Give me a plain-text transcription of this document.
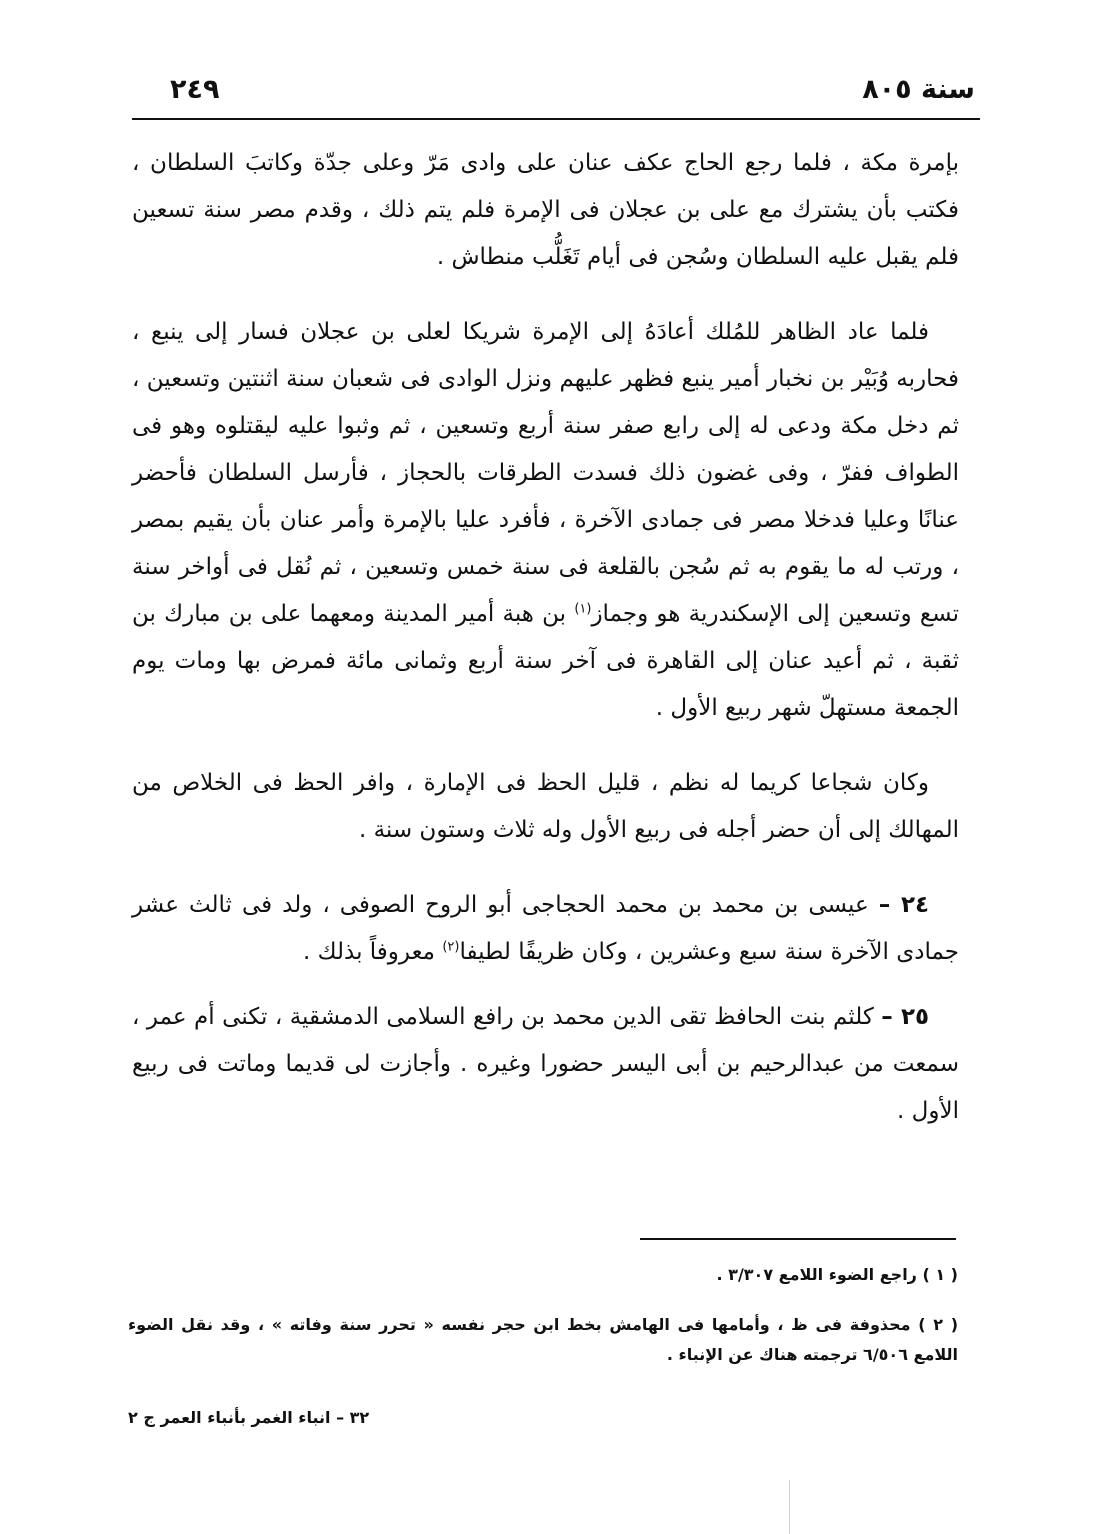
سنة ٨٠٥
٢٤٩

بإمرة مكة ، فلما رجع الحاج عكف عنان على وادى مَرّ وعلى جدّة وكاتبَ السلطان ، فكتب بأن يشترك مع على بن عجلان فى الإمرة فلم يتم ذلك ، وقدم مصر سنة تسعين فلم يقبل عليه السلطان وسُجن فى أيام تَغَلُّب منطاش .

فلما عاد الظاهر للمُلك أعادَهُ إلى الإمرة شريكا لعلى بن عجلان فسار إلى ينبع ، فحاربه وُبَيْر بن نخبار أمير ينبع فظهر عليهم ونزل الوادى فى شعبان سنة اثنتين وتسعين ، ثم دخل مكة ودعى له إلى رابع صفر سنة أربع وتسعين ، ثم وثبوا عليه ليقتلوه وهو فى الطواف ففرّ ، وفى غضون ذلك فسدت الطرقات بالحجاز ، فأرسل السلطان فأحضر عنانًا وعليا فدخلا مصر فى جمادى الآخرة ، فأفرد عليا بالإمرة وأمر عنان بأن يقيم بمصر ، ورتب له ما يقوم به ثم سُجن بالقلعة فى سنة خمس وتسعين ، ثم نُقل فى أواخر سنة تسع وتسعين إلى الإسكندرية هو وجماز$^{(١)}$ بن هبة أمير المدينة ومعهما على بن مبارك بن ثقبة ، ثم أعيد عنان إلى القاهرة فى آخر سنة أربع وثمانى مائة فمرض بها ومات يوم الجمعة مستهلّ شهر ربيع الأول .

وكان شجاعا كريما له نظم ، قليل الحظ فى الإمارة ، وافر الحظ فى الخلاص من المهالك إلى أن حضر أجله فى ربيع الأول وله ثلاث وستون سنة .

٢٤ – عيسى بن محمد بن محمد الحجاجى أبو الروح الصوفى ، ولد فى ثالث عشر جمادى الآخرة سنة سبع وعشرين ، وكان ظريفًا لطيفا$^{(٢)}$ معروفاً بذلك .

٢٥ – كلثم بنت الحافظ تقى الدين محمد بن رافع السلامى الدمشقية ، تكنى أم عمر ، سمعت من عبدالرحيم بن أبى اليسر حضورا وغيره . وأجازت لى قديما وماتت فى ربيع الأول .

( ١ ) راجع الضوء اللامع ٣/٣٠٧ .

( ٢ ) محذوفة فى ظ ، وأمامها فى الهامش بخط ابن حجر نفسه « تحرر سنة وفاته » ، وقد نقل الضوء اللامع ٦/٥٠٦ ترجمته هناك عن الإنباء .

٣٢ – انباء الغمر بأنباء العمر ج ٢
